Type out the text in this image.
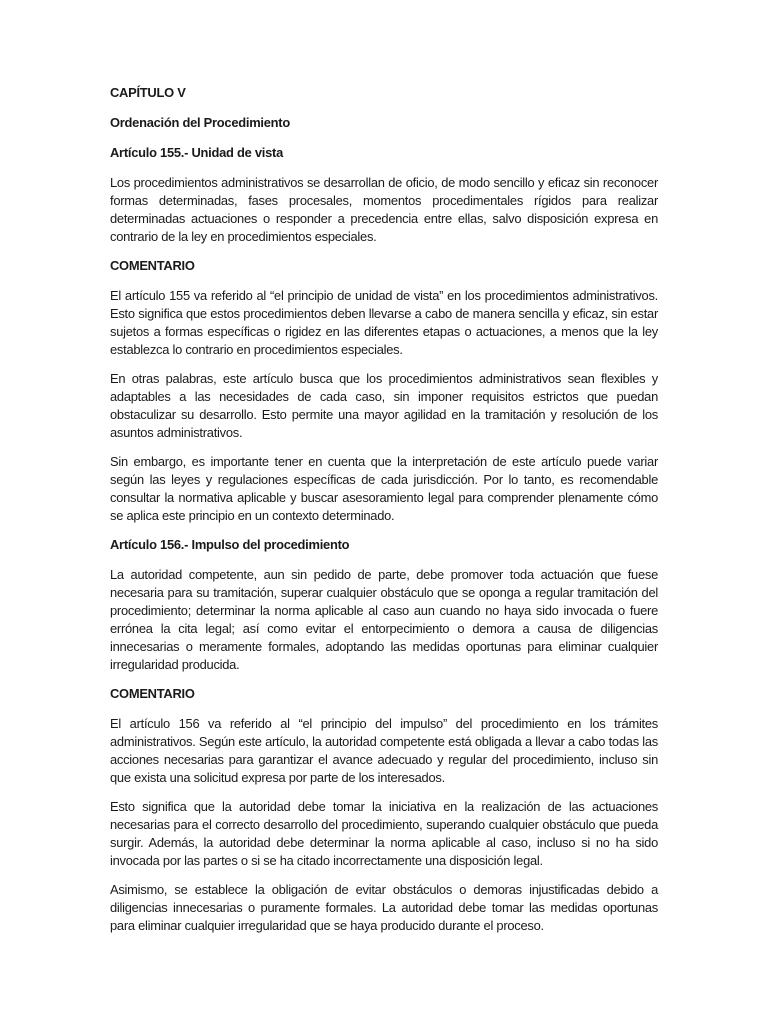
CAPÍTULO V
Ordenación del Procedimiento
Artículo 155.- Unidad de vista

Los procedimientos administrativos se desarrollan de oficio, de modo sencillo y eficaz sin reconocer formas determinadas, fases procesales, momentos procedimentales rígidos para realizar determinadas actuaciones o responder a precedencia entre ellas, salvo disposición expresa en contrario de la ley en procedimientos especiales.

COMENTARIO

El artículo 155 va referido al “el principio de unidad de vista” en los procedimientos administrativos. Esto significa que estos procedimientos deben llevarse a cabo de manera sencilla y eficaz, sin estar sujetos a formas específicas o rigidez en las diferentes etapas o actuaciones, a menos que la ley establezca lo contrario en procedimientos especiales.

En otras palabras, este artículo busca que los procedimientos administrativos sean flexibles y adaptables a las necesidades de cada caso, sin imponer requisitos estrictos que puedan obstaculizar su desarrollo. Esto permite una mayor agilidad en la tramitación y resolución de los asuntos administrativos.

Sin embargo, es importante tener en cuenta que la interpretación de este artículo puede variar según las leyes y regulaciones específicas de cada jurisdicción. Por lo tanto, es recomendable consultar la normativa aplicable y buscar asesoramiento legal para comprender plenamente cómo se aplica este principio en un contexto determinado.

Artículo 156.- Impulso del procedimiento

La autoridad competente, aun sin pedido de parte, debe promover toda actuación que fuese necesaria para su tramitación, superar cualquier obstáculo que se oponga a regular tramitación del procedimiento; determinar la norma aplicable al caso aun cuando no haya sido invocada o fuere errónea la cita legal; así como evitar el entorpecimiento o demora a causa de diligencias innecesarias o meramente formales, adoptando las medidas oportunas para eliminar cualquier irregularidad producida.

COMENTARIO

El artículo 156 va referido al “el principio del impulso” del procedimiento en los trámites administrativos. Según este artículo, la autoridad competente está obligada a llevar a cabo todas las acciones necesarias para garantizar el avance adecuado y regular del procedimiento, incluso sin que exista una solicitud expresa por parte de los interesados.

Esto significa que la autoridad debe tomar la iniciativa en la realización de las actuaciones necesarias para el correcto desarrollo del procedimiento, superando cualquier obstáculo que pueda surgir. Además, la autoridad debe determinar la norma aplicable al caso, incluso si no ha sido invocada por las partes o si se ha citado incorrectamente una disposición legal.

Asimismo, se establece la obligación de evitar obstáculos o demoras injustificadas debido a diligencias innecesarias o puramente formales. La autoridad debe tomar las medidas oportunas para eliminar cualquier irregularidad que se haya producido durante el proceso.
